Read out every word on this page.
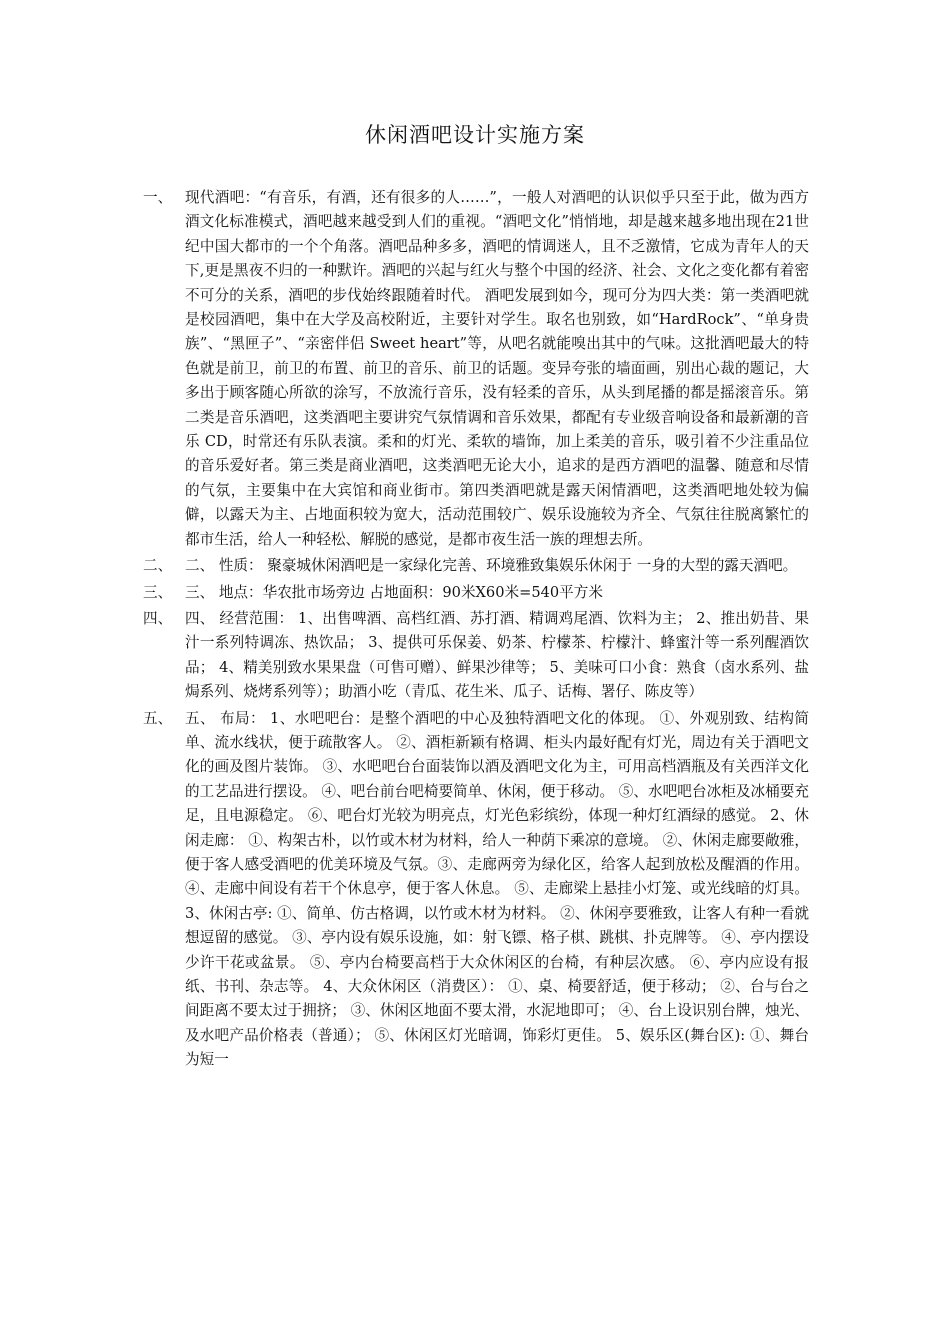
休闲酒吧设计实施方案
一、 现代酒吧：“有音乐，有酒，还有很多的人……”，一般人对酒吧的认识似乎只至于此，做为西方酒文化标准模式，酒吧越来越受到人们的重视。“酒吧文化”悄悄地，却是越来越多地出现在21世纪中国大都市的一个个角落。酒吧品种多多，酒吧的情调迷人，且不乏激情，它成为青年人的天下,更是黑夜不归的一种默许。酒吧的兴起与红火与整个中国的经济、社会、文化之变化都有着密不可分的关系，酒吧的步伐始终跟随着时代。 酒吧发展到如今，现可分为四大类：第一类酒吧就是校园酒吧，集中在大学及高校附近，主要针对学生。取名也别致，如“HardRock”、“单身贵族”、“黑匣子”、“亲密伴侣 Sweet heart”等，从吧名就能嗅出其中的气味。这批酒吧最大的特色就是前卫，前卫的布置、前卫的音乐、前卫的话题。变异夸张的墙面画，别出心裁的题记，大多出于顾客随心所欲的涂写，不放流行音乐，没有轻柔的音乐，从头到尾播的都是摇滚音乐。第二类是音乐酒吧，这类酒吧主要讲究气氛情调和音乐效果，都配有专业级音响设备和最新潮的音乐 CD，时常还有乐队表演。柔和的灯光、柔软的墙饰，加上柔美的音乐，吸引着不少注重品位的音乐爱好者。第三类是商业酒吧，这类酒吧无论大小，追求的是西方酒吧的温馨、随意和尽情的气氛，主要集中在大宾馆和商业街市。第四类酒吧就是露天闲情酒吧，这类酒吧地处较为偏僻，以露天为主、占地面积较为宽大，活动范围较广、娱乐设施较为齐全、气氛往往脱离繁忙的都市生活，给人一种轻松、解脱的感觉，是都市夜生活一族的理想去所。
二、 二、 性质： 聚豪城休闲酒吧是一家绿化完善、环境雅致集娱乐休闲于 一身的大型的露天酒吧。
三、 三、 地点：华农批市场旁边 占地面积：90米X60米=540平方米
四、 四、 经营范围： 1、出售啤酒、高档红酒、苏打酒、精调鸡尾酒、饮料为主； 2、推出奶昔、果汁一系列特调冻、热饮品； 3、提供可乐保姜、奶茶、柠檬茶、柠檬汁、蜂蜜汁等一系列醒酒饮品； 4、精美别致水果果盘（可售可赠）、鲜果沙律等； 5、美味可口小食：熟食（卤水系列、盐焗系列、烧烤系列等）；助酒小吃（青瓜、花生米、瓜子、话梅、署仔、陈皮等）
五、 五、 布局： 1、水吧吧台：是整个酒吧的中心及独特酒吧文化的体现。 ①、外观别致、结构简单、流水线状，便于疏散客人。 ②、酒柜新颖有格调、柜头内最好配有灯光，周边有关于酒吧文化的画及图片装饰。 ③、水吧吧台台面装饰以酒及酒吧文化为主，可用高档酒瓶及有关西洋文化的工艺品进行摆设。 ④、吧台前台吧椅要简单、休闲，便于移动。 ⑤、水吧吧台冰柜及冰桶要充足，且电源稳定。 ⑥、吧台灯光较为明亮点，灯光色彩缤纷，体现一种灯红酒绿的感觉。 2、休闲走廊： ①、构架古朴，以竹或木材为材料，给人一种荫下乘凉的意境。 ②、休闲走廊要敞雅，便于客人感受酒吧的优美环境及气氛。③、走廊两旁为绿化区，给客人起到放松及醒酒的作用。 ④、走廊中间设有若干个休息亭，便于客人休息。 ⑤、走廊梁上悬挂小灯笼、或光线暗的灯具。 3、休闲古亭: ①、简单、仿古格调，以竹或木材为材料。 ②、休闲亭要雅致，让客人有种一看就想逗留的感觉。 ③、亭内设有娱乐设施，如：射飞镖、格子棋、跳棋、扑克牌等。 ④、亭内摆设少许干花或盆景。 ⑤、亭内台椅要高档于大众休闲区的台椅，有种层次感。 ⑥、亭内应设有报纸、书刊、杂志等。 4、大众休闲区（消费区）： ①、桌、椅要舒适，便于移动； ②、台与台之间距离不要太过于拥挤； ③、休闲区地面不要太滑，水泥地即可； ④、台上设识别台牌，烛光、及水吧产品价格表（普通）； ⑤、休闲区灯光暗调，饰彩灯更佳。 5、娱乐区(舞台区): ①、舞台为短一
